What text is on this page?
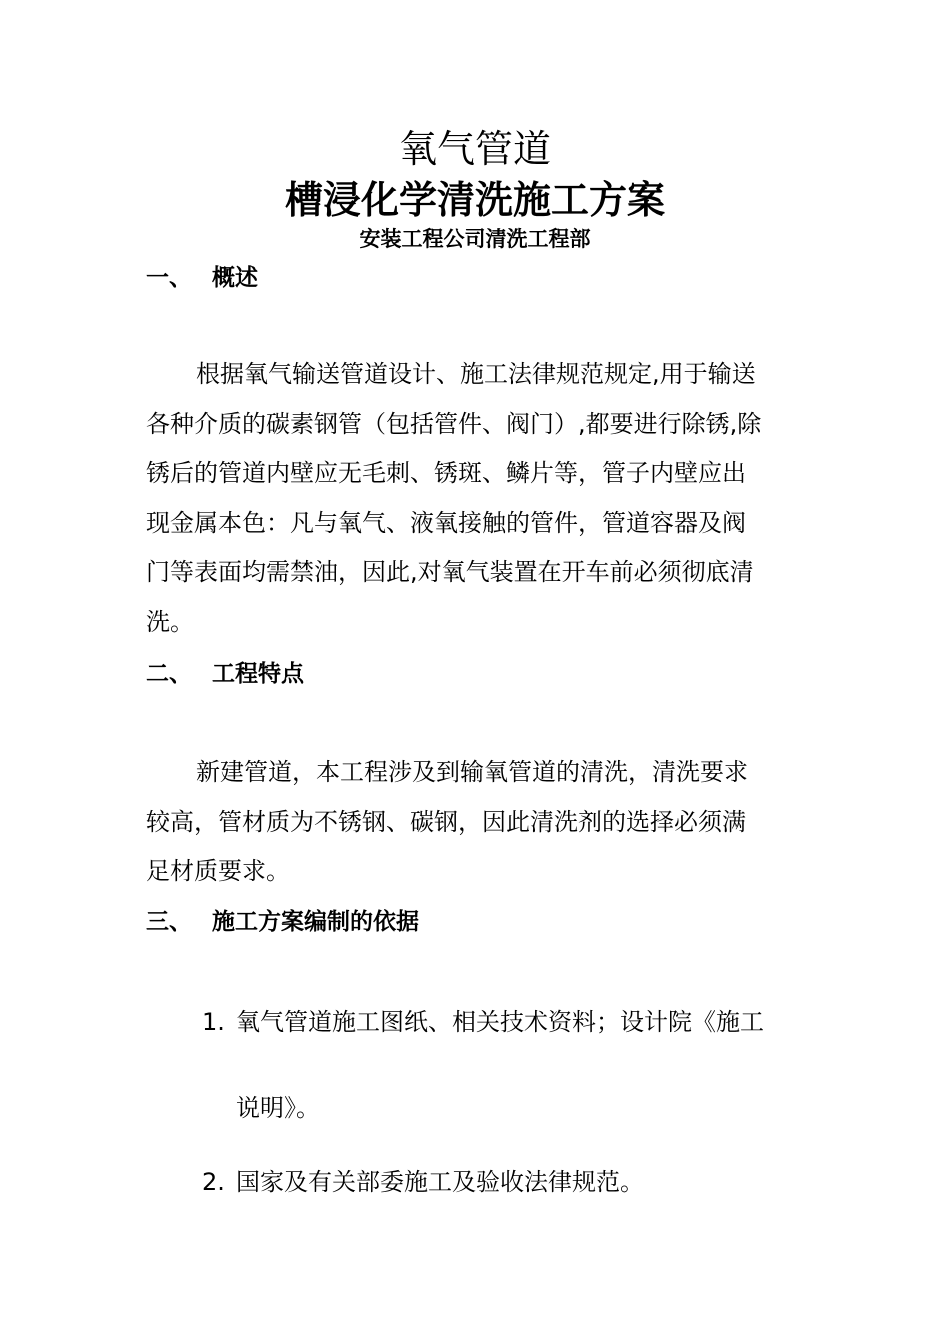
氧气管道
槽浸化学清洗施工方案
安装工程公司清洗工程部
一、 概述
根据氧气输送管道设计、施工法律规范规定,用于输送
各种介质的碳素钢管（包括管件、阀门）,都要进行除锈,除
锈后的管道内壁应无毛刺、锈斑、鳞片等，管子内壁应出
现金属本色：凡与氧气、液氧接触的管件，管道容器及阀
门等表面均需禁油，因此,对氧气装置在开车前必须彻底清
洗。
二、 工程特点
新建管道，本工程涉及到输氧管道的清洗，清洗要求
较高，管材质为不锈钢、碳钢，因此清洗剂的选择必须满
足材质要求。
三、 施工方案编制的依据
1. 氧气管道施工图纸、相关技术资料；设计院《施工
说明》。
2. 国家及有关部委施工及验收法律规范。
